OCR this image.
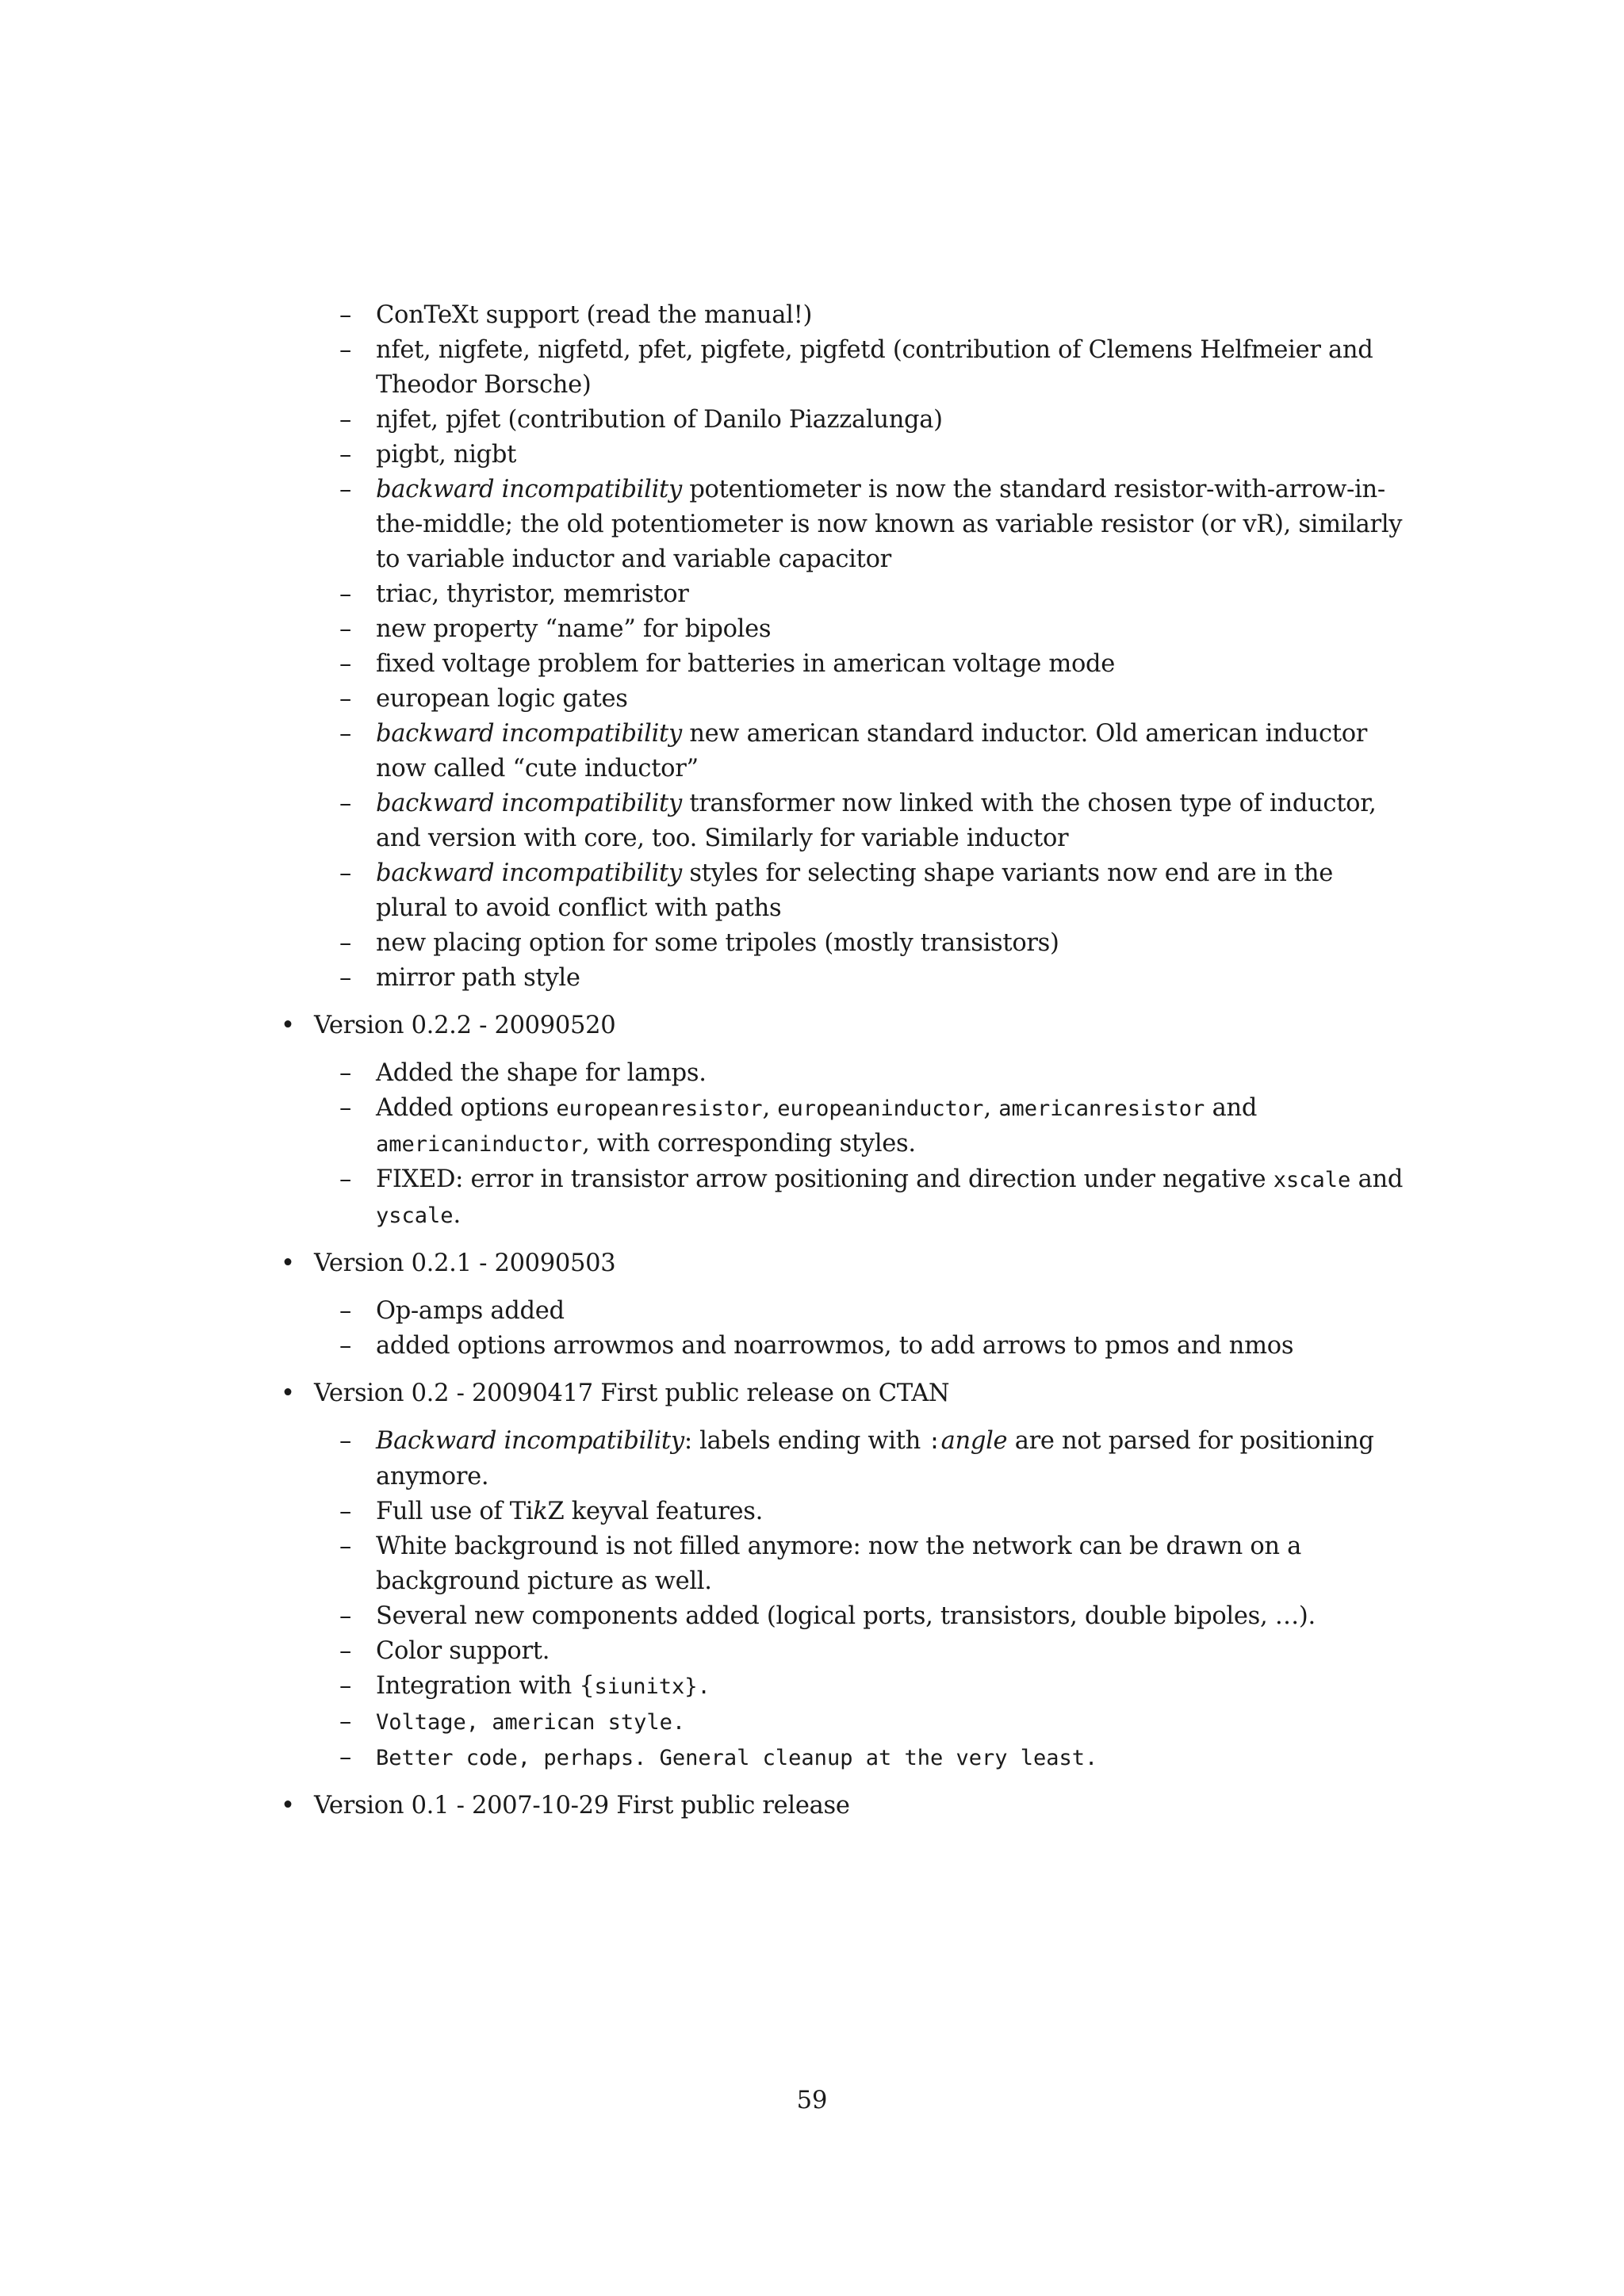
– ConTeXt support (read the manual!)
– nfet, nigfete, nigfetd, pfet, pigfete, pigfetd (contribution of Clemens Helfmeier and Theodor Borsche)
– njfet, pjfet (contribution of Danilo Piazzalunga)
– pigbt, nigbt
– backward incompatibility potentiometer is now the standard resistor-with-arrow-in-the-middle; the old potentiometer is now known as variable resistor (or vR), similarly to variable inductor and variable capacitor
– triac, thyristor, memristor
– new property “name” for bipoles
– fixed voltage problem for batteries in american voltage mode
– european logic gates
– backward incompatibility new american standard inductor. Old american inductor now called “cute inductor”
– backward incompatibility transformer now linked with the chosen type of inductor, and version with core, too. Similarly for variable inductor
– backward incompatibility styles for selecting shape variants now end are in the plural to avoid conflict with paths
– new placing option for some tripoles (mostly transistors)
– mirror path style
• Version 0.2.2 - 20090520
– Added the shape for lamps.
– Added options europeanresistor, europeaninductor, americanresistor and americaninductor, with corresponding styles.
– FIXED: error in transistor arrow positioning and direction under negative xscale and yscale.
• Version 0.2.1 - 20090503
– Op-amps added
– added options arrowmos and noarrowmos, to add arrows to pmos and nmos
• Version 0.2 - 20090417 First public release on CTAN
– Backward incompatibility: labels ending with :angle are not parsed for positioning anymore.
– Full use of TikZ keyval features.
– White background is not filled anymore: now the network can be drawn on a background picture as well.
– Several new components added (logical ports, transistors, double bipoles, …).
– Color support.
– Integration with {siunitx}.
– Voltage, american style.
– Better code, perhaps. General cleanup at the very least.
• Version 0.1 - 2007-10-29 First public release
59
